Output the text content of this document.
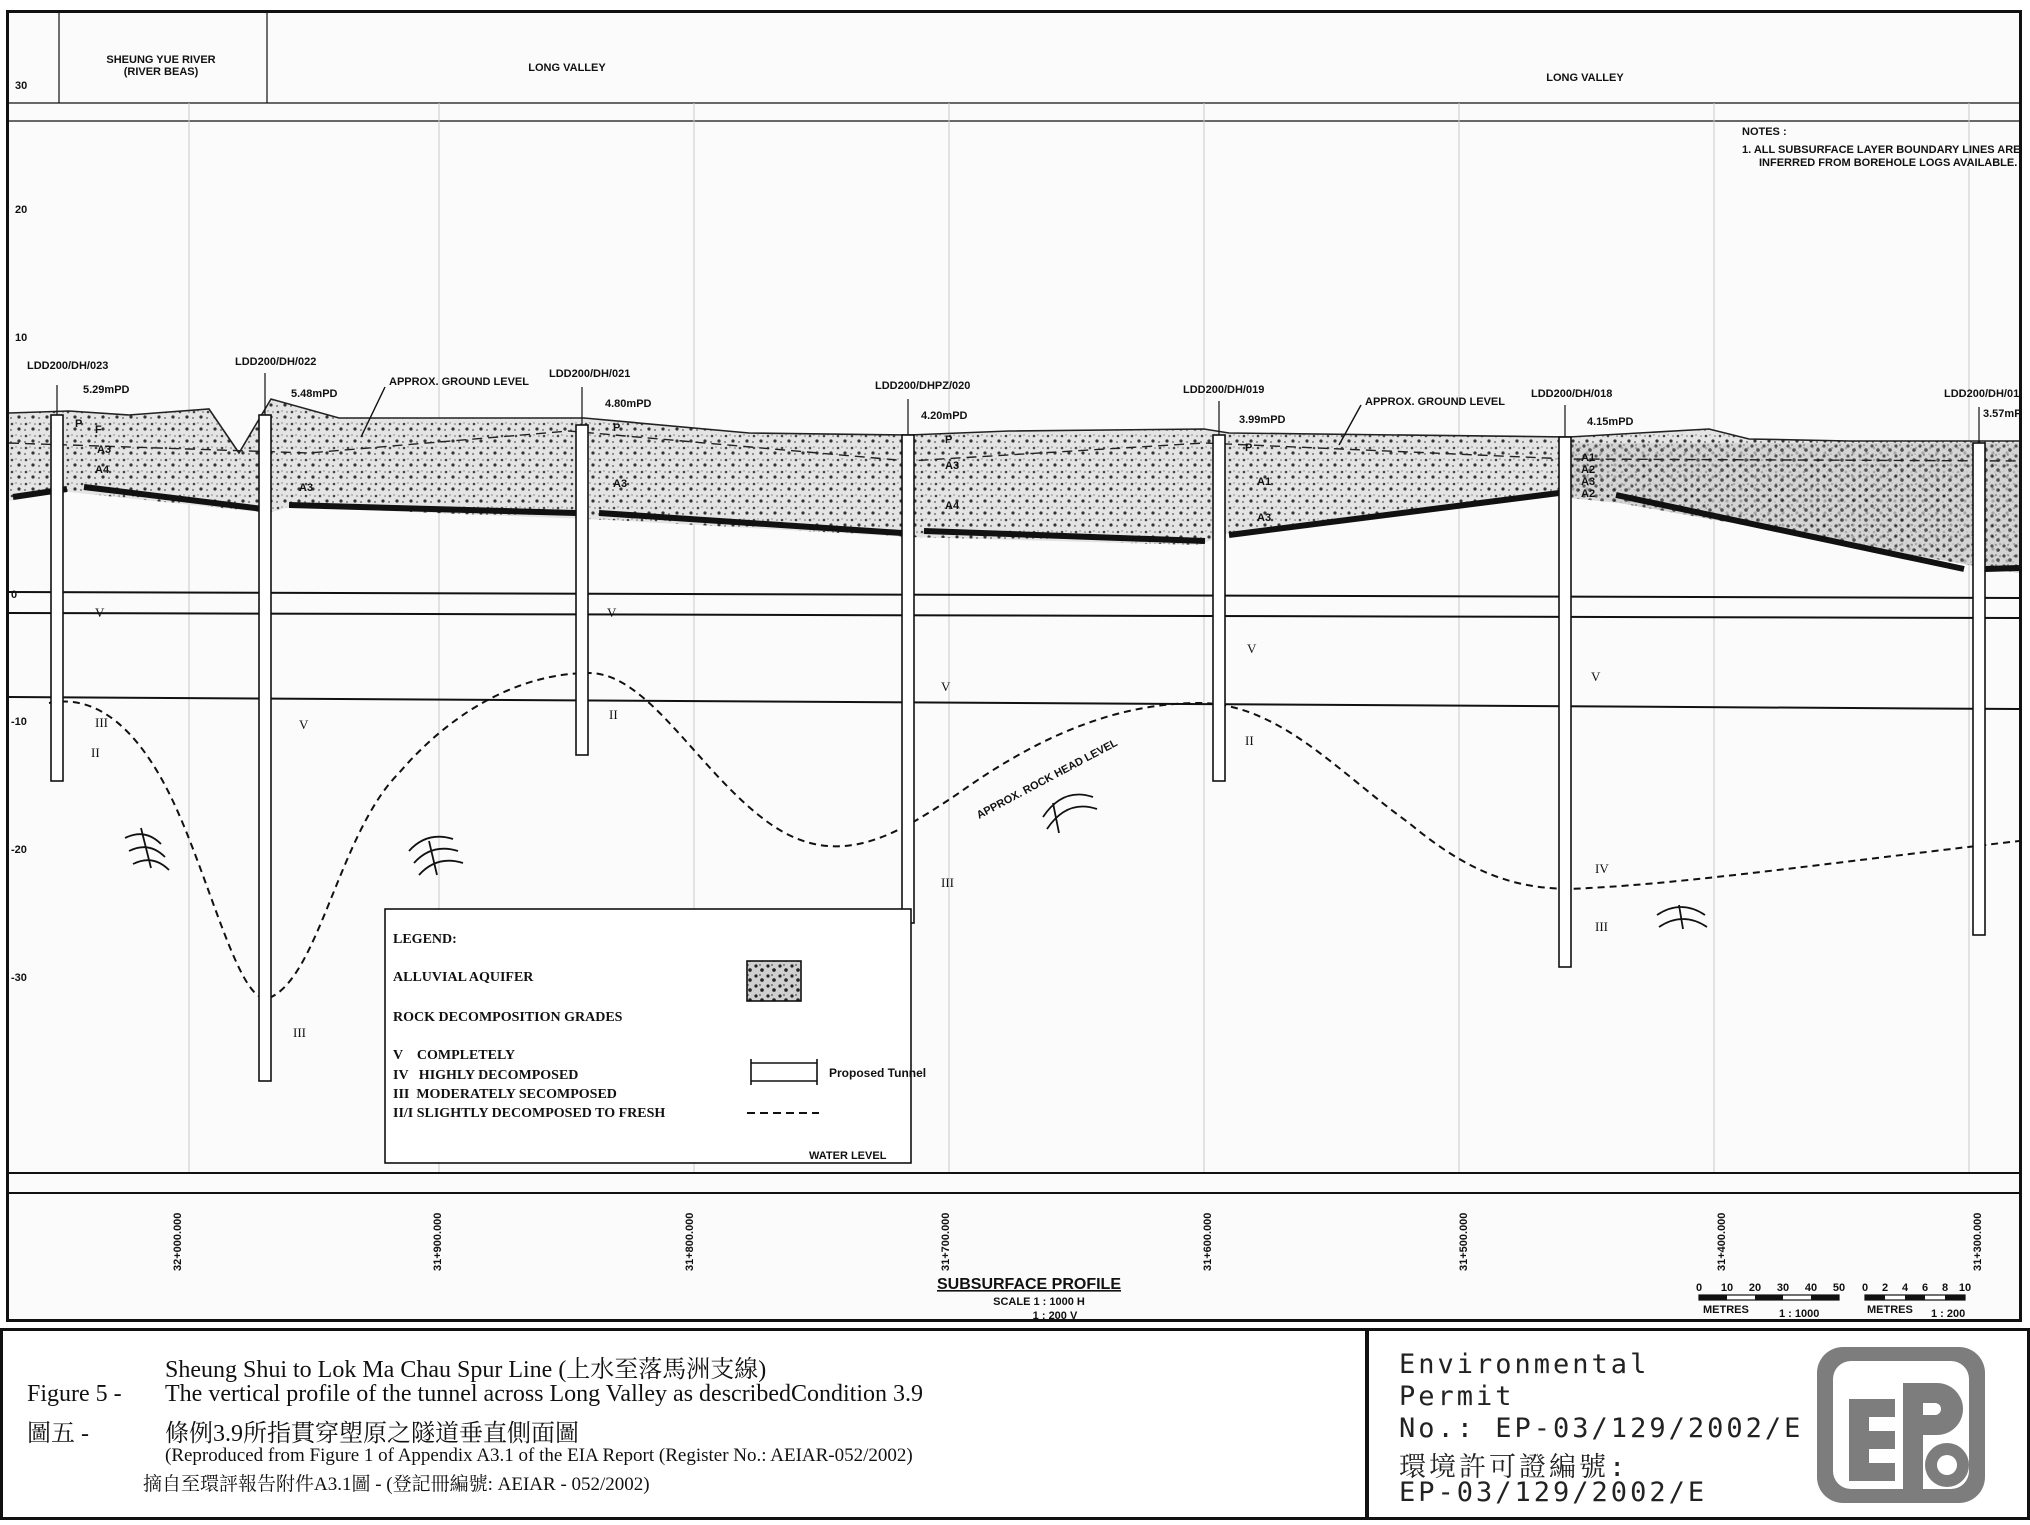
SHEUNG YUE RIVER
(RIVER BEAS)	LONG VALLEY
LONG VALLEY
30
20
10
0
-10
-20
-30
NOTES :
1. ALL SUBSURFACE LAYER BOUNDARY LINES ARE
INFERRED FROM BOREHOLE LOGS AVAILABLE.
APPROX. GROUND LEVEL
APPROX. GROUND LEVEL
APPROX. ROCK HEAD LEVEL
LDD200/DH/023
5.29mPD
LDD200/DH/022
5.48mPD
LDD200/DH/021
4.80mPD
LDD200/DHPZ/020
4.20mPD
LDD200/DH/019
3.99mPD
LDD200/DH/018
4.15mPD
LDD200/DH/017
3.57mP
P F
A3
A4
A3
P
A3
P
A3
A4
P
A1
A3
A1
A2
A3
A2
V	V
V
V
V
III
II
V
II
II
III
IV
III
III
LEGEND:
ALLUVIAL AQUIFER
ROCK DECOMPOSITION GRADES
V    COMPLETELY
IV   HIGHLY DECOMPOSED
III  MODERATELY SECOMPOSED
II/I SLIGHTLY DECOMPOSED TO FRESH
Proposed Tunnel
WATER LEVEL
32+000.000	31+900.000	31+800.000	31+700.000	31+600.000	31+500.000	31+400.000	31+300.000
SUBSURFACE PROFILE
SCALE 1 : 1000 H
1 : 200 V
0 10 20 30 40 50
METRES	1 : 1000
0 2 4 6 8 10
METRES 1 : 200
Sheung Shui to Lok Ma Chau Spur Line (上水至落馬洲支線)
Figure 5 - The vertical profile of the tunnel across Long Valley as describedCondition 3.9
圖五 -	條例3.9所指貫穿塱原之隧道垂直側面圖
(Reproduced from Figure 1 of Appendix A3.1 of the EIA Report (Register No.: AEIAR-052/2002)
摘自至環評報告附件A3.1圖 - (登記冊編號: AEIAR - 052/2002)
Environmental
Permit
No.: EP-03/129/2002/E
環境許可證編號:
EP-03/129/2002/E
